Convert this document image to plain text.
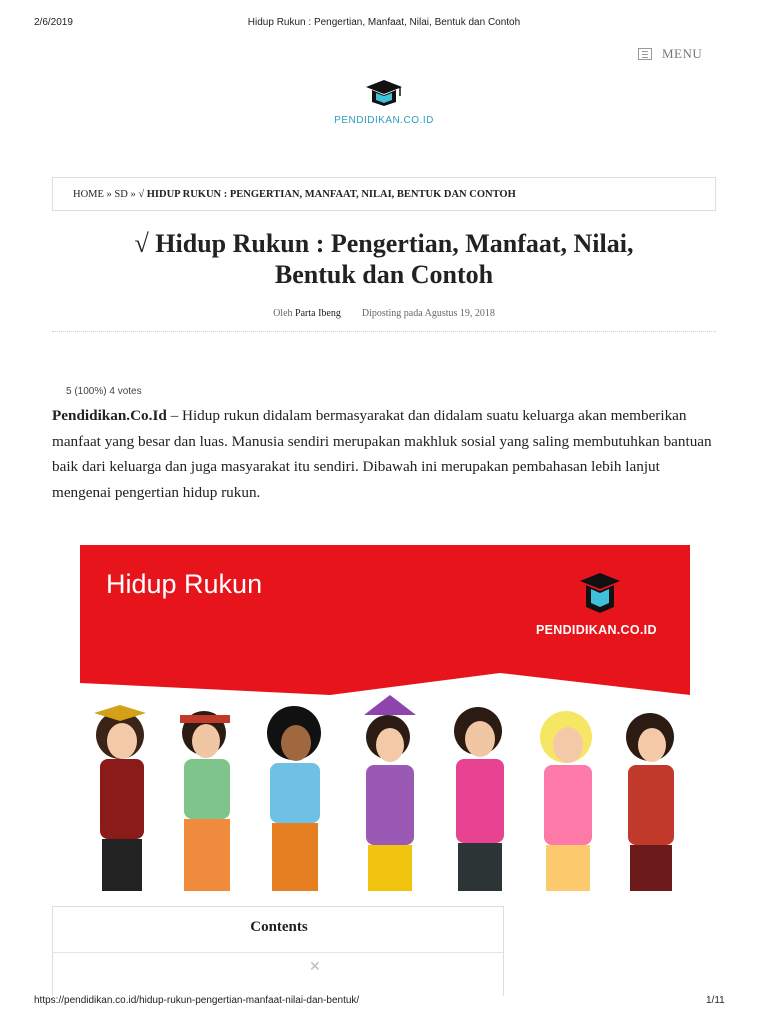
2/6/2019	Hidup Rukun : Pengertian, Manfaat, Nilai, Bentuk dan Contoh
MENU
PENDIDIKAN.CO.ID
HOME
»
SD
»
√ HIDUP RUKUN : PENGERTIAN, MANFAAT, NILAI, BENTUK DAN CONTOH
√ Hidup Rukun : Pengertian, Manfaat, Nilai,
Bentuk dan Contoh
Oleh Parta Ibeng Diposting pada Agustus 19, 2018
5 (100%) 4 votes
Pendidikan.Co.Id – Hidup rukun didalam bermasyarakat dan didalam suatu keluarga akan memberikan manfaat yang besar dan luas. Manusia sendiri merupakan makhluk sosial yang saling membutuhkan bantuan baik dari keluarga dan juga masyarakat itu sendiri. Dibawah ini merupakan pembahasan lebih lanjut mengenai pengertian hidup rukun.
Hidup Rukun
PENDIDIKAN.CO.ID
Contents
✕
https://pendidikan.co.id/hidup-rukun-pengertian-manfaat-nilai-dan-bentuk/	1/11
